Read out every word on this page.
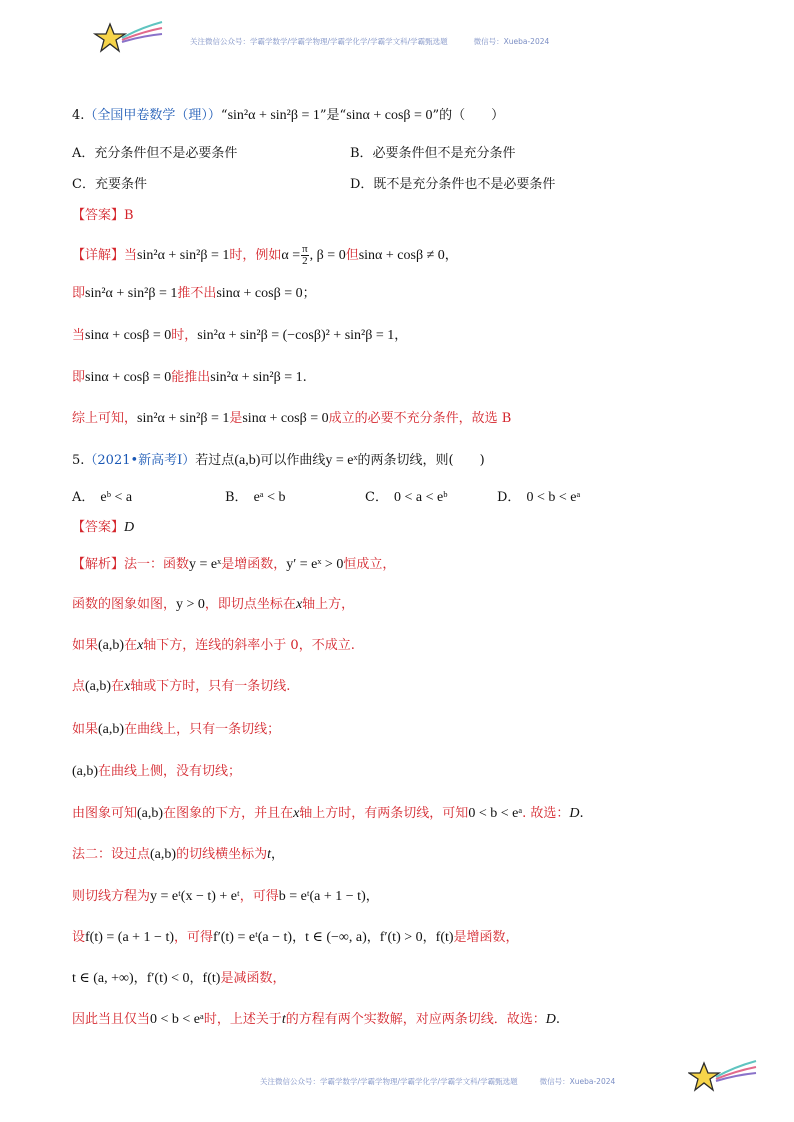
关注微信公众号：学霸学数学/学霸学物理/学霸学化学/学霸学文科/学霸甄选题	微信号：Xueba-2024
4.（全国甲卷数学（理））“sin²α + sin²β = 1”是“sinα + cosβ = 0”的（　　）
A．充分条件但不是必要条件	B．必要条件但不是充分条件
C．充要条件	D．既不是充分条件也不是必要条件
【答案】B
【详解】当sin²α + sin²β = 1时，例如$\alpha = \frac{\pi}{2}$ , β = 0但sinα + cosβ ≠ 0，
即sin²α + sin²β = 1推不出sinα + cosβ = 0；
当sinα + cosβ = 0时，sin²α + sin²β = (−cosβ)² + sin²β = 1，
即sinα + cosβ = 0能推出sin²α + sin²β = 1.
综上可知，sin²α + sin²β = 1是sinα + cosβ = 0成立的必要不充分条件，故选 B
5.（2021•新高考Ⅰ）若过点(a,b)可以作曲线y = eˣ的两条切线，则(　　)
A． eᵇ < a	B． eᵃ < b	C． 0 < a < eᵇ	D． 0 < b < eᵃ
【答案】D
【解析】法一：函数y = eˣ是增函数，y′ = eˣ > 0恒成立，
函数的图象如图，y > 0，即切点坐标在x轴上方，
如果(a,b)在x轴下方，连线的斜率小于 0，不成立.
点(a,b)在x轴或下方时，只有一条切线.
如果(a,b)在曲线上，只有一条切线；
(a,b)在曲线上侧，没有切线；
由图象可知(a,b)在图象的下方，并且在x轴上方时，有两条切线，可知0 < b < eᵃ. 故选：D.
法二：设过点(a,b)的切线横坐标为t，
则切线方程为y = eᵗ(x − t) + eᵗ，可得b = eᵗ(a + 1 − t)，
设f(t) = (a + 1 − t)，可得f′(t) = eᵗ(a − t)，t ∈ (−∞, a)，f′(t) > 0，f(t)是增函数，
t ∈ (a, +∞)，f′(t) < 0，f(t)是减函数，
因此当且仅当0 < b < eᵃ时，上述关于t的方程有两个实数解，对应两条切线．故选：D.
关注微信公众号：学霸学数学/学霸学物理/学霸学化学/学霸学文科/学霸甄选题	微信号：Xueba-2024
